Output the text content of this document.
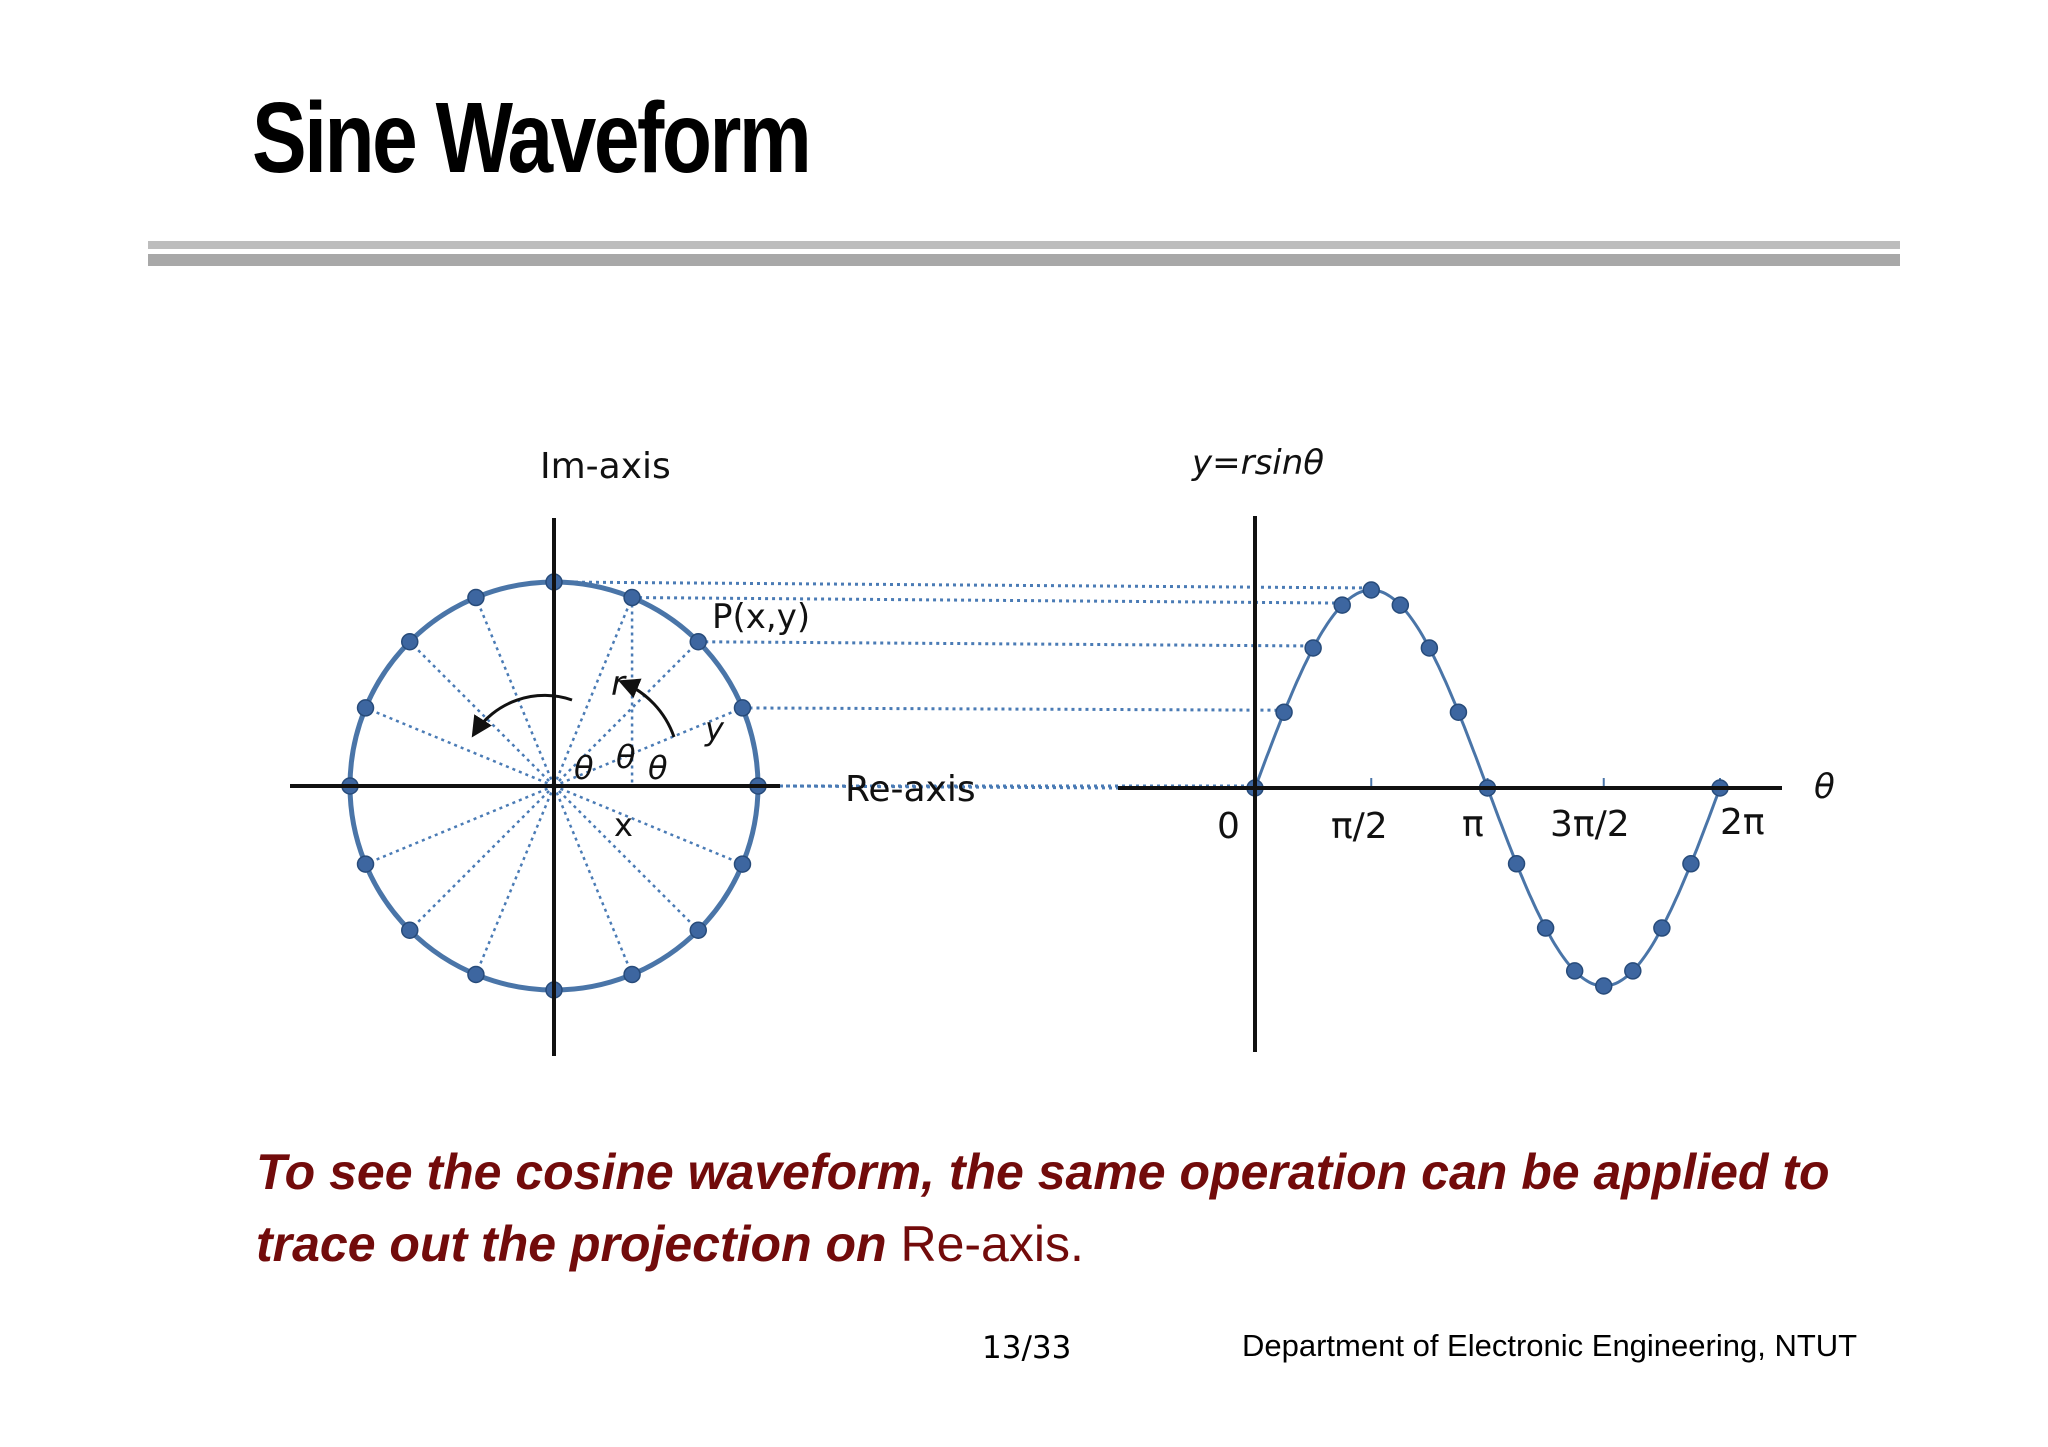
Sine Waveform
Im-axis
Re-axis
P(x,y)
r
x
y
θ θ θ
y=rsinθ
θ
0	π/2 π 3π/2	2π
To see the cosine waveform, the same operation can be applied to trace out the projection on Re-axis.
13/33	Department of Electronic Engineering, NTUT
